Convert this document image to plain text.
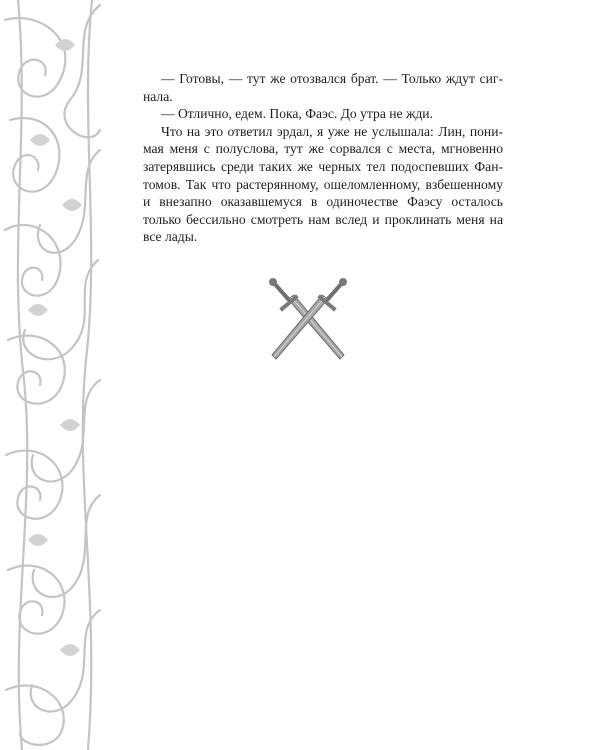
— Готовы, — тут же отозвался брат. — Только ждут сигнала.

— Отлично, едем. Пока, Фаэс. До утра не жди.

Что на это ответил эрдал, я уже не услышала: Лин, понимая меня с полуслова, тут же сорвался с места, мгновенно затерявшись среди таких же черных тел подоспевших Фантомов. Так что растерянному, ошеломленному, взбешенному и внезапно оказавшемуся в одиночестве Фаэсу осталось только бессильно смотреть нам вслед и проклинать меня на все лады.
